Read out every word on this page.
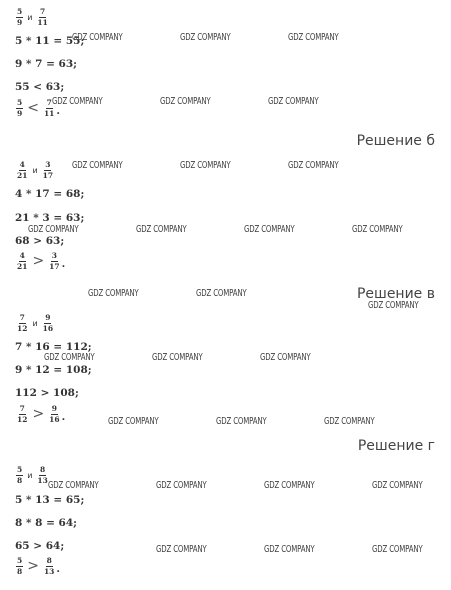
$\frac{5}{9}$ и $\frac{7}{11}$
5 * 11 = 55;
9 * 7 = 63;
55 < 63;
$\frac{5}{9} < \frac{7}{11}$ .
Решение б
$\frac{4}{21}$ и $\frac{3}{17}$
4 * 17 = 68;
21 * 3 = 63;
68 > 63;
$\frac{4}{21} > \frac{3}{17}$ .
Решение в
$\frac{7}{12}$ и $\frac{9}{16}$
7 * 16 = 112;
9 * 12 = 108;
112 > 108;
$\frac{7}{12} > \frac{9}{16}$ .
Решение г
$\frac{5}{8}$ и $\frac{8}{13}$
5 * 13 = 65;
8 * 8 = 64;
65 > 64;
$\frac{5}{8} > \frac{8}{13}$ .
GDZ COMPANY	GDZ COMPANY	GDZ COMPANY
GDZ COMPANY	GDZ COMPANY	GDZ COMPANY
GDZ COMPANY	GDZ COMPANY	GDZ COMPANY
GDZ COMPANY	GDZ COMPANY	GDZ COMPANY	GDZ COMPANY
GDZ COMPANY	GDZ COMPANY
GDZ COMPANY
GDZ COMPANY	GDZ COMPANY	GDZ COMPANY
GDZ COMPANY	GDZ COMPANY	GDZ COMPANY
GDZ COMPANY	GDZ COMPANY	GDZ COMPANY	GDZ COMPANY
GDZ COMPANY	GDZ COMPANY	GDZ COMPANY
